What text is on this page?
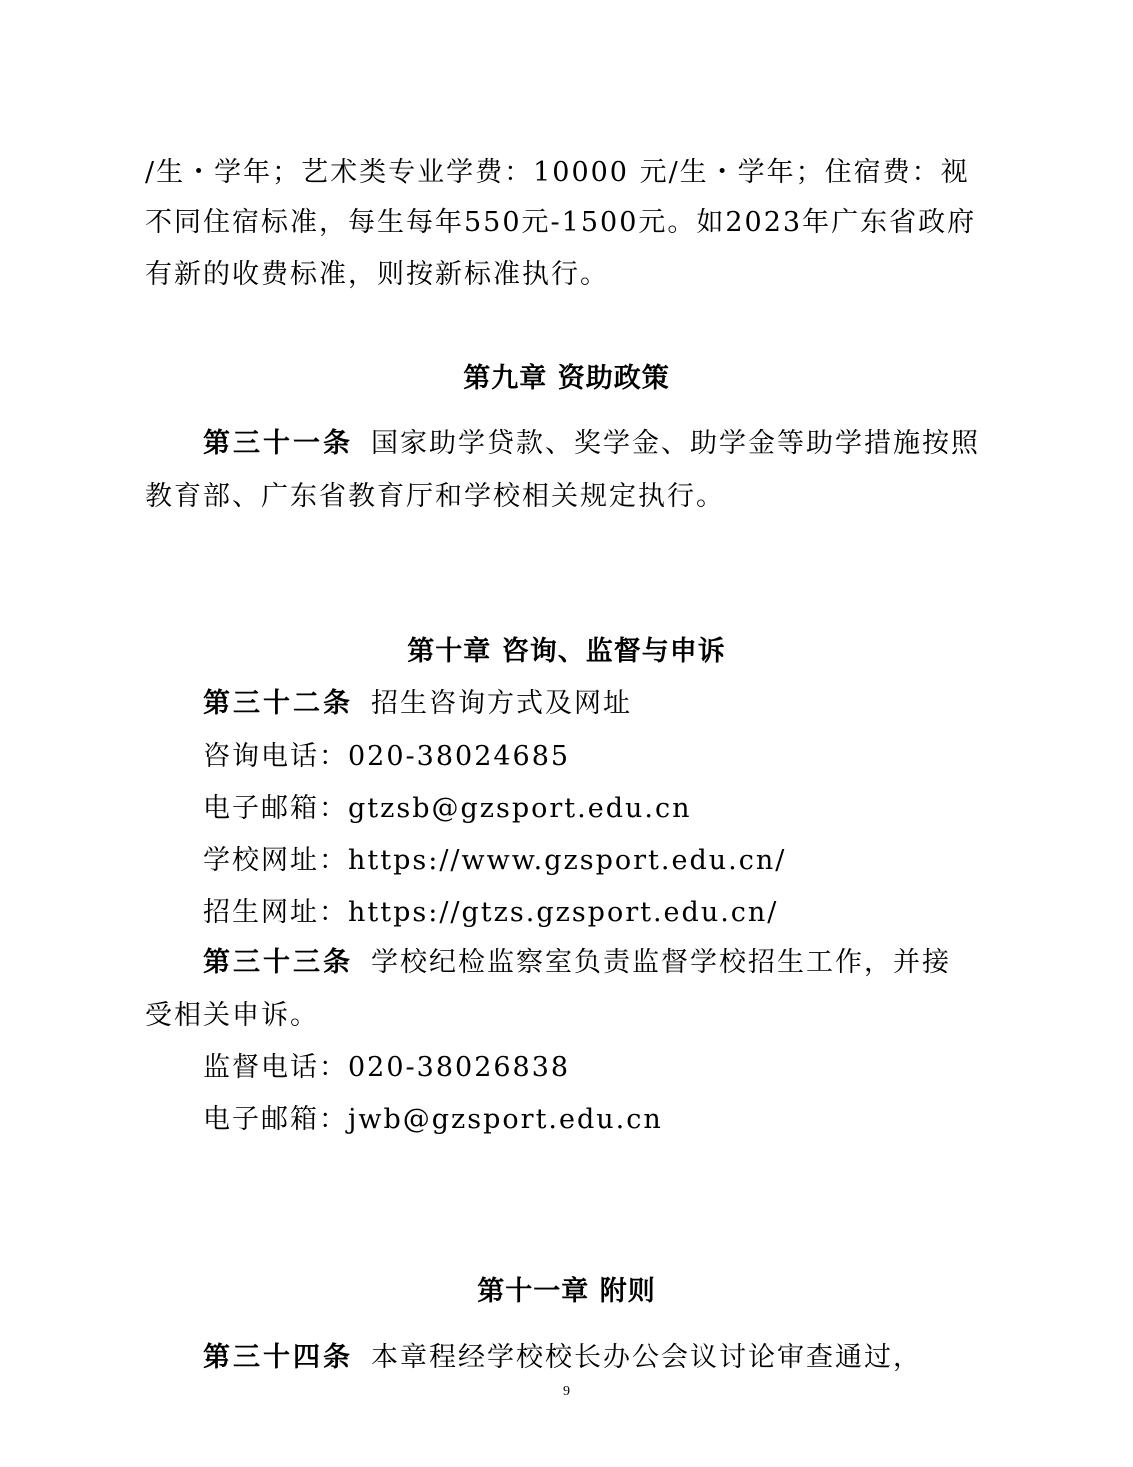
/生・学年；艺术类专业学费：10000 元/生・学年；住宿费：视
不同住宿标准，每生每年550元-1500元。如2023年广东省政府
有新的收费标准，则按新标准执行。
第九章 资助政策
第三十一条 国家助学贷款、奖学金、助学金等助学措施按照
教育部、广东省教育厅和学校相关规定执行。
第十章 咨询、监督与申诉
第三十二条 招生咨询方式及网址
咨询电话：020-38024685
电子邮箱：gtzsb@gzsport.edu.cn
学校网址：https://www.gzsport.edu.cn/
招生网址：https://gtzs.gzsport.edu.cn/
第三十三条 学校纪检监察室负责监督学校招生工作，并接
受相关申诉。
监督电话：020-38026838
电子邮箱：jwb@gzsport.edu.cn
第十一章 附则
第三十四条 本章程经学校校长办公会议讨论审查通过，
9
